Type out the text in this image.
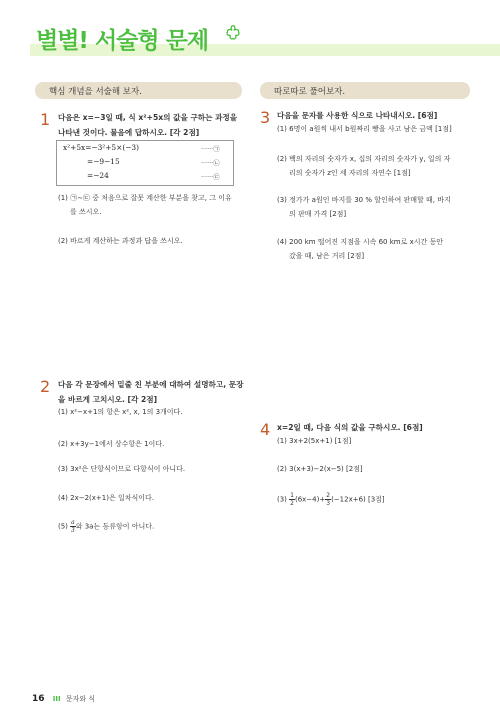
별별! 서술형 문제
핵심 개념을 서술해 보자.	따로따로 풀어보자.
1 다음은 x=−3일 때, 식 x²+5x의 값을 구하는 과정을
나타낸 것이다. 물음에 답하시오. [각 2점]
x²+5x=−3²+5×(−3)
=−9−15
=−24
······㉠
······㉡
······㉢
(1) ㉠∼㉢ 중 처음으로 잘못 계산한 부분을 찾고, 그 이유
를 쓰시오.
(2) 바르게 계산하는 과정과 답을 쓰시오.
2 다음 각 문장에서 밑줄 친 부분에 대하여 설명하고, 문장
을 바르게 고치시오. [각 2점]
(1) x²−x+1의 항은 x², x, 1의 3개이다.
(2) x+3y−1에서 상수항은 1이다.
(3) 3x²은 단항식이므로 다항식이 아니다.
(4) 2x−2(x+1)은 일차식이다.
$(5) \frac{a}{3}$ 와 3a는 동류항이 아니다.
3 다음을 문자를 사용한 식으로 나타내시오. [6점]
(1) 6명이 a원씩 내서 b원짜리 빵을 사고 남은 금액 [1점]
(2) 백의 자리의 숫자가 x, 십의 자리의 숫자가 y, 일의 자
리의 숫자가 z인 세 자리의 자연수 [1점]
(3) 정가가 a원인 바지를 30 % 할인하여 판매할 때, 바지
의 판매 가격 [2점]
(4) 200 km 떨어진 지점을 시속 60 km로 x시간 동안
갔을 때, 남은 거리 [2점]
4 x=2일 때, 다음 식의 값을 구하시오. [6점]
(1) 3x+2(5x+1) [1점]
(2) 3(x+3)−2(x−5) [2점]
$(3) \frac{1}{2} (6x-4)+ \frac{2}{3} (-12x+6)$ [3점]
16 III 문자와 식
